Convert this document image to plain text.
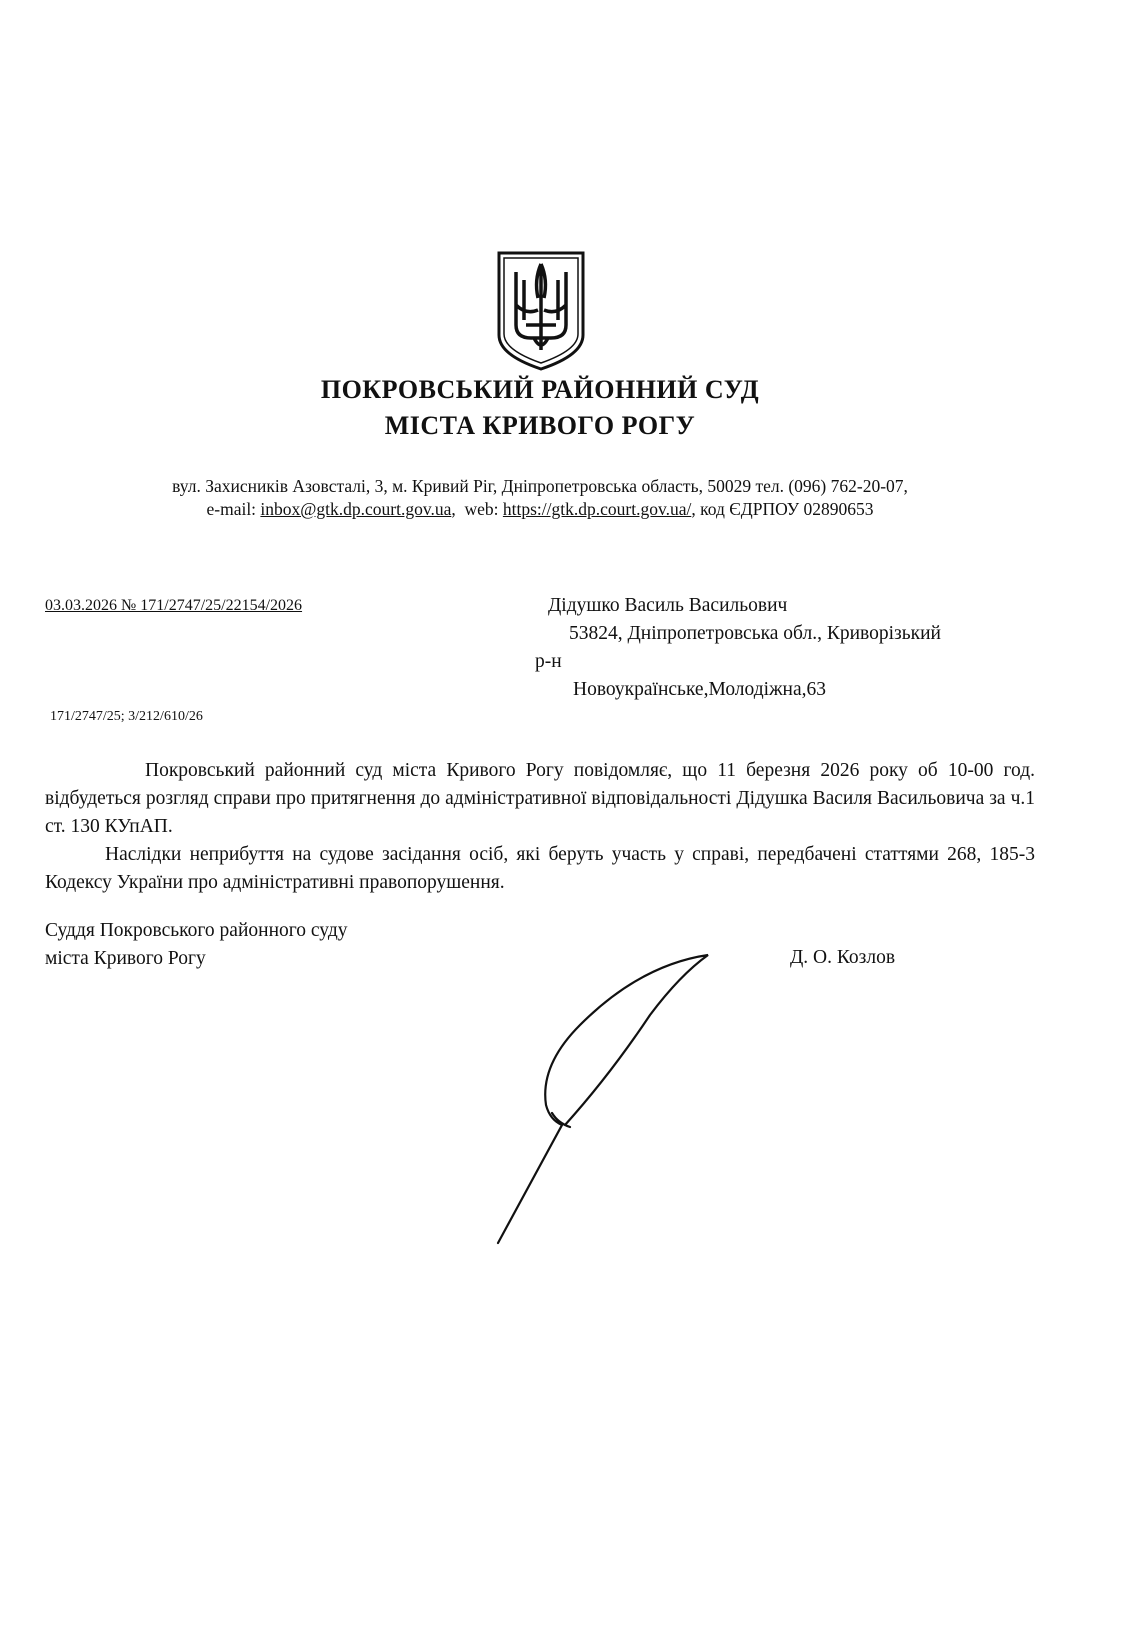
ПОКРОВСЬКИЙ РАЙОННИЙ СУД
МІСТА КРИВОГО РОГУ
вул. Захисників Азовсталі, 3, м. Кривий Ріг, Дніпропетровська область, 50029 тел. (096) 762-20-07,
e-mail: inbox@gtk.dp.court.gov.ua,  web: https://gtk.dp.court.gov.ua/, код ЄДРПОУ 02890653
03.03.2026 № 171/2747/25/22154/2026	Дідушко Василь Васильович
53824, Дніпропетровська обл., Криворізький
р-н
Новоукраїнське,Молодіжна,63
171/2747/25; 3/212/610/26

Покровський районний суд міста Кривого Рогу повідомляє, що 11 березня 2026 року об 10-00 год. відбудеться розгляд справи про притягнення до адміністративної відповідальності Дідушка Василя Васильовича за ч.1 ст. 130 КУпАП.

Наслідки неприбуття на судове засідання осіб, які беруть участь у справі, передбачені статтями 268, 185-3 Кодексу України про адміністративні правопорушення.

Суддя Покровського районного суду
міста Кривого Рогу	Д. О. Козлов
